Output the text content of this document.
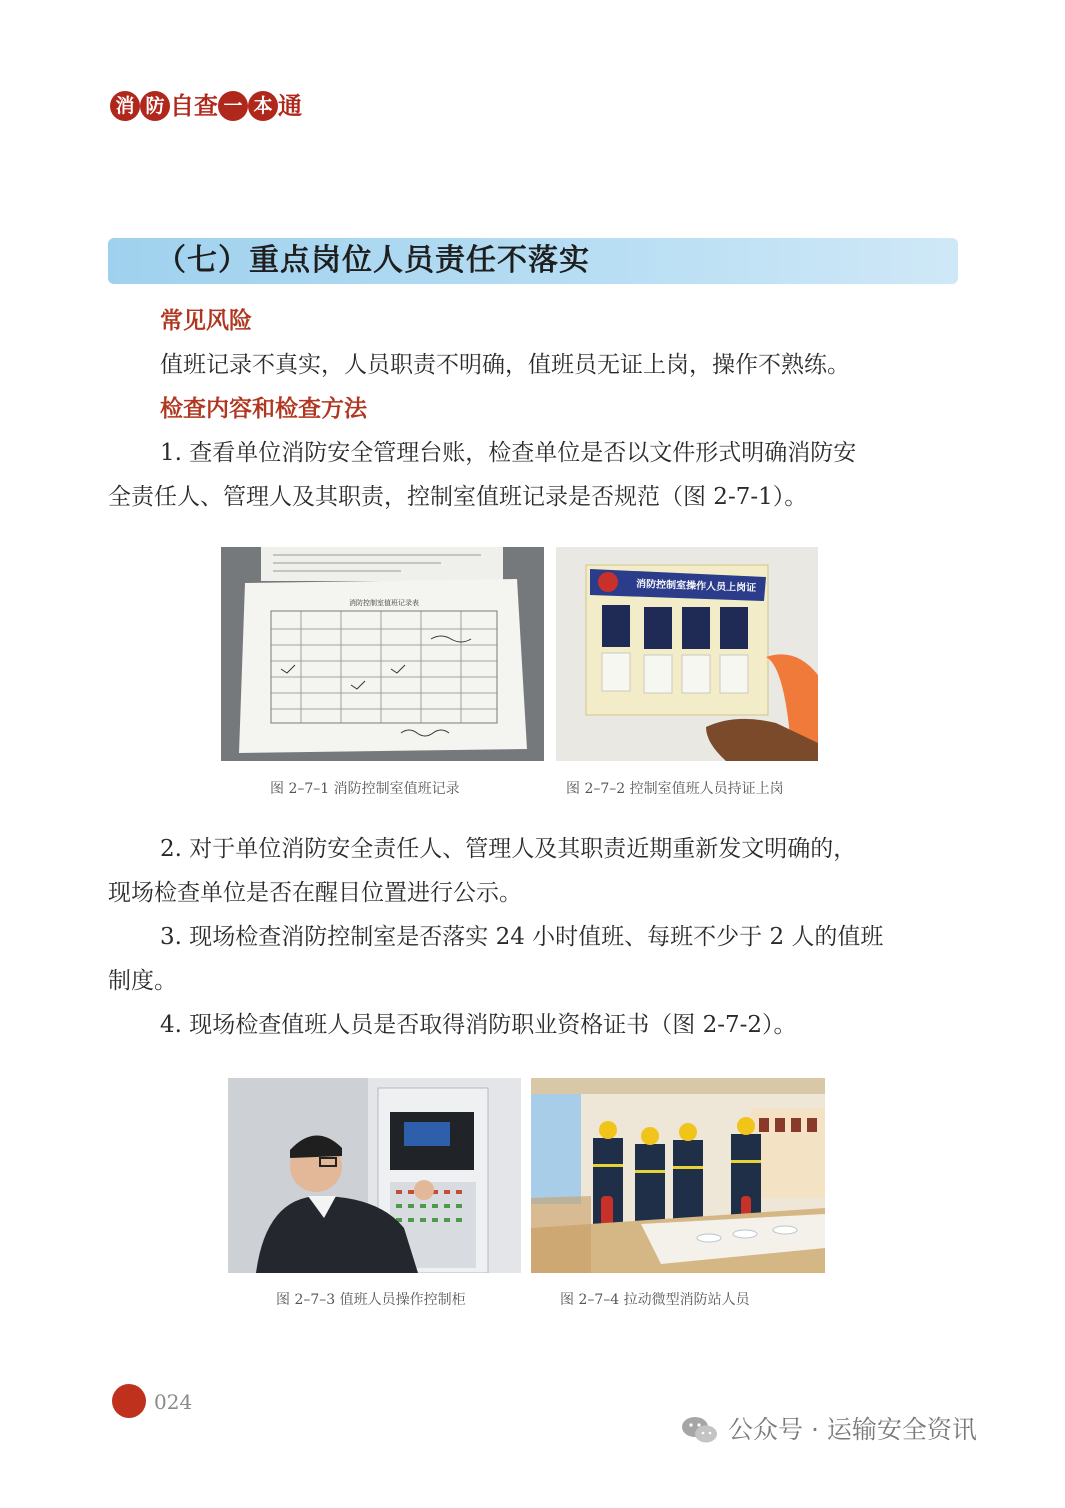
消 防 自 查 一 本 通
（七）重点岗位人员责任不落实
常见风险
值班记录不真实，人员职责不明确，值班员无证上岗，操作不熟练。
检查内容和检查方法
1. 查看单位消防安全管理台账，检查单位是否以文件形式明确消防安
全责任人、管理人及其职责，控制室值班记录是否规范（图 2-7-1）。
消防控制室值班记录表
消防控制室操作人员上岗证
图 2–7–1 消防控制室值班记录	图 2–7–2 控制室值班人员持证上岗
2. 对于单位消防安全责任人、管理人及其职责近期重新发文明确的，
现场检查单位是否在醒目位置进行公示。
3. 现场检查消防控制室是否落实 24 小时值班、每班不少于 2 人的值班
制度。
4. 现场检查值班人员是否取得消防职业资格证书（图 2-7-2）。
图 2–7–3 值班人员操作控制柜	图 2–7–4 拉动微型消防站人员
024
公众号 · 运输安全资讯
